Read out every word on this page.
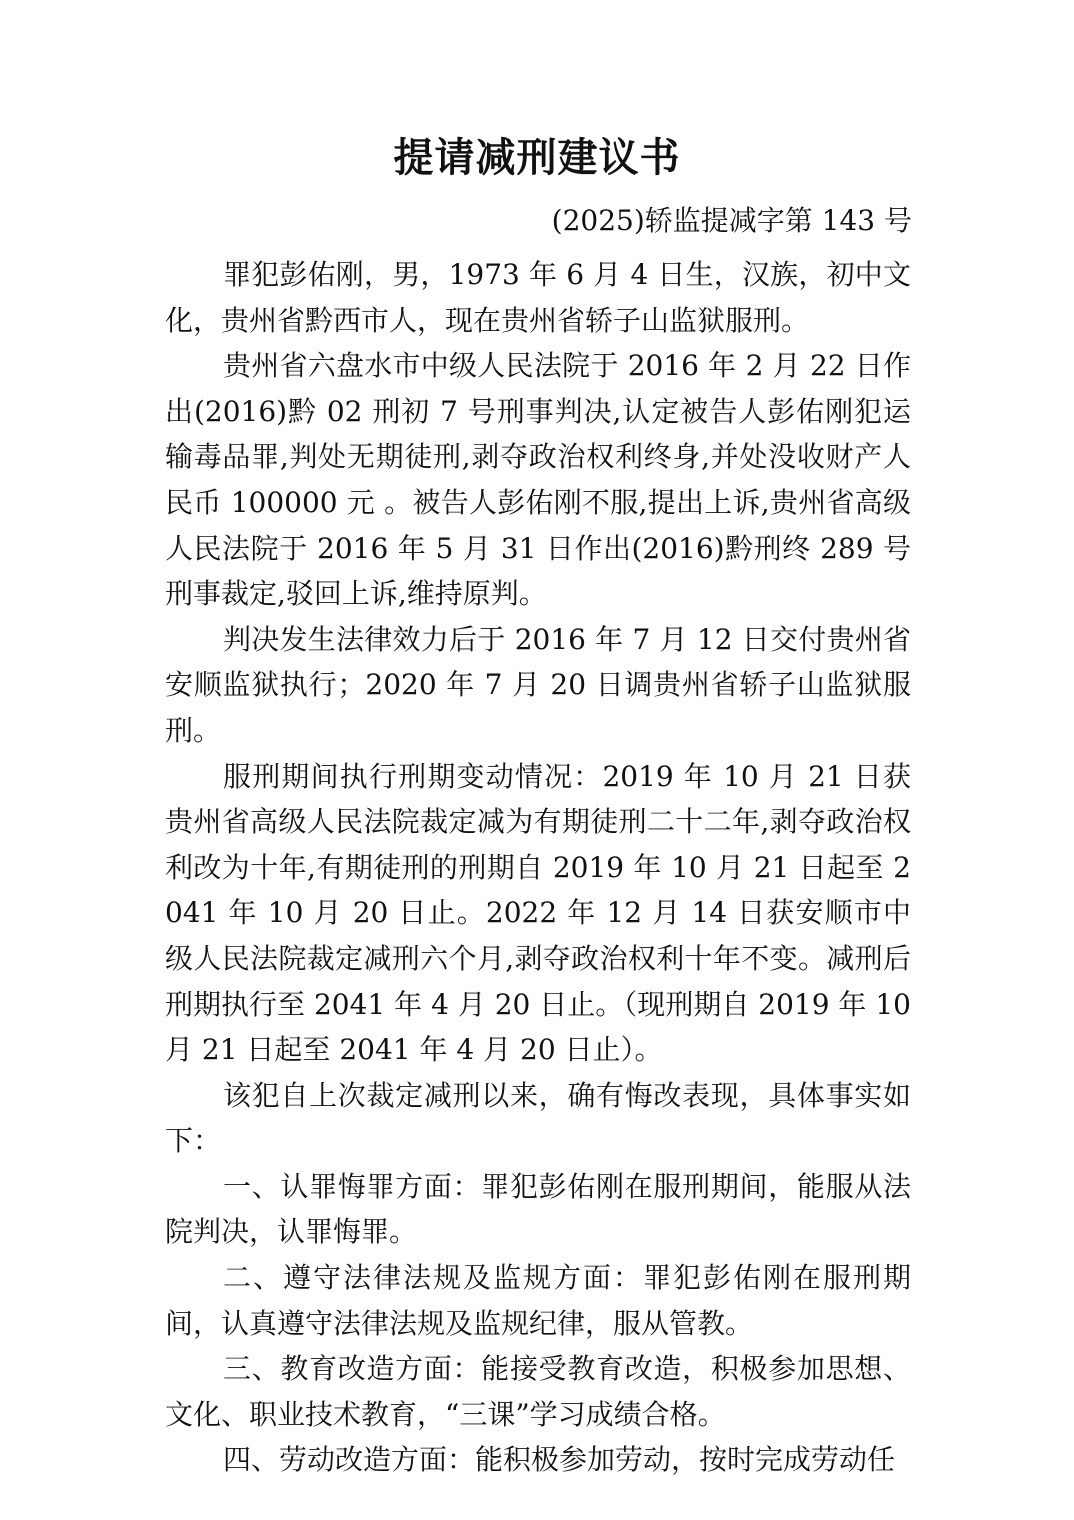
提请减刑建议书
(2025)轿监提减字第 143 号

罪犯彭佑刚，男，1973 年 6 月 4 日生，汉族，初中文化，贵州省黔西市人，现在贵州省轿子山监狱服刑。

贵州省六盘水市中级人民法院于 2016 年 2 月 22 日作出(2016)黔 02 刑初 7 号刑事判决,认定被告人彭佑刚犯运输毒品罪,判处无期徒刑,剥夺政治权利终身,并处没收财产人民币 100000 元 。被告人彭佑刚不服,提出上诉,贵州省高级人民法院于 2016 年 5 月 31 日作出(2016)黔刑终 289 号刑事裁定,驳回上诉,维持原判。

判决发生法律效力后于 2016 年 7 月 12 日交付贵州省安顺监狱执行；2020 年 7 月 20 日调贵州省轿子山监狱服刑。

服刑期间执行刑期变动情况：2019 年 10 月 21 日获贵州省高级人民法院裁定减为有期徒刑二十二年,剥夺政治权利改为十年,有期徒刑的刑期自 2019 年 10 月 21 日起至 2041 年 10 月 20 日止。2022 年 12 月 14 日获安顺市中级人民法院裁定减刑六个月,剥夺政治权利十年不变。减刑后刑期执行至 2041 年 4 月 20 日止。（现刑期自 2019 年 10 月 21 日起至 2041 年 4 月 20 日止）。

该犯自上次裁定减刑以来，确有悔改表现，具体事实如下：

一、认罪悔罪方面：罪犯彭佑刚在服刑期间，能服从法院判决，认罪悔罪。

二、遵守法律法规及监规方面：罪犯彭佑刚在服刑期间，认真遵守法律法规及监规纪律，服从管教。

三、教育改造方面：能接受教育改造，积极参加思想、文化、职业技术教育，“三课”学习成绩合格。

四、劳动改造方面：能积极参加劳动，按时完成劳动任
